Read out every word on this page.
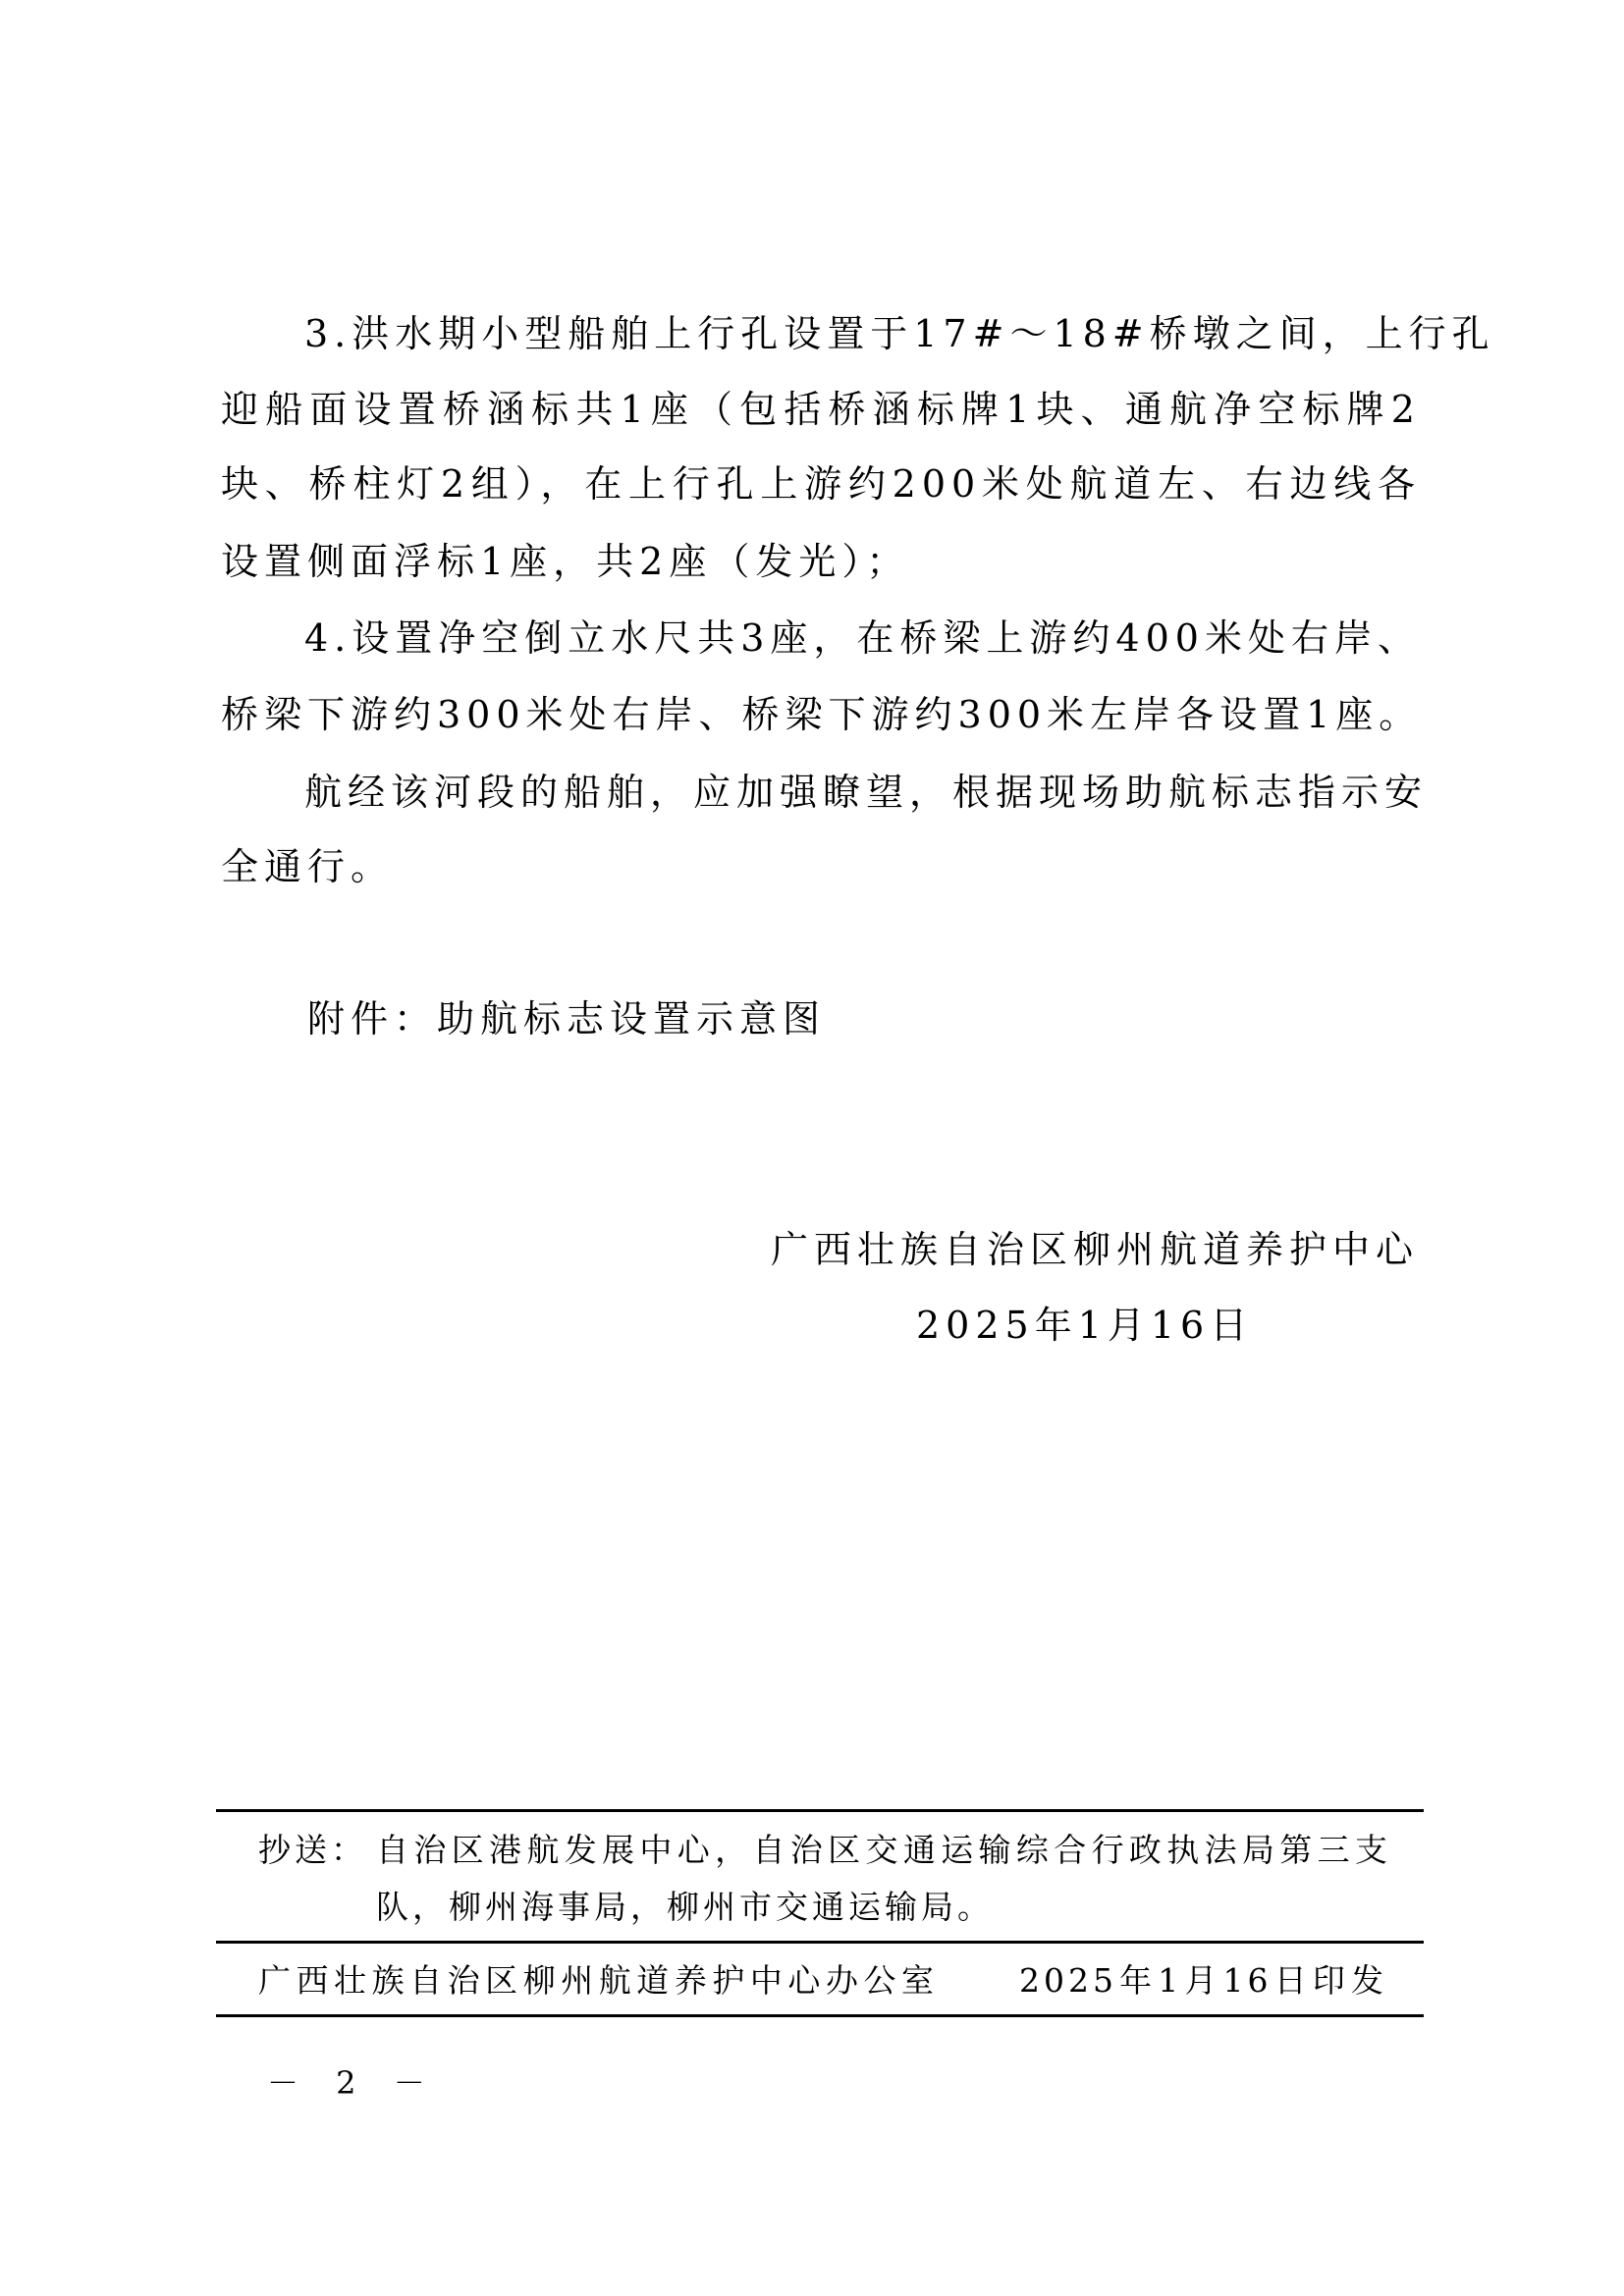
3.洪水期小型船舶上行孔设置于17#～18#桥墩之间，上行孔
迎船面设置桥涵标共1座（包括桥涵标牌1块、通航净空标牌2
块、桥柱灯2组），在上行孔上游约200米处航道左、右边线各
设置侧面浮标1座，共2座（发光）；
4.设置净空倒立水尺共3座，在桥梁上游约400米处右岸、
桥梁下游约300米处右岸、桥梁下游约300米左岸各设置1座。
航经该河段的船舶，应加强瞭望，根据现场助航标志指示安
全通行。
附件：助航标志设置示意图
广西壮族自治区柳州航道养护中心
2025年1月16日
抄送： 自治区港航发展中心，自治区交通运输综合行政执法局第三支
队，柳州海事局，柳州市交通运输局。
广西壮族自治区柳州航道养护中心办公室	2025年1月16日印发
－ 2 －
